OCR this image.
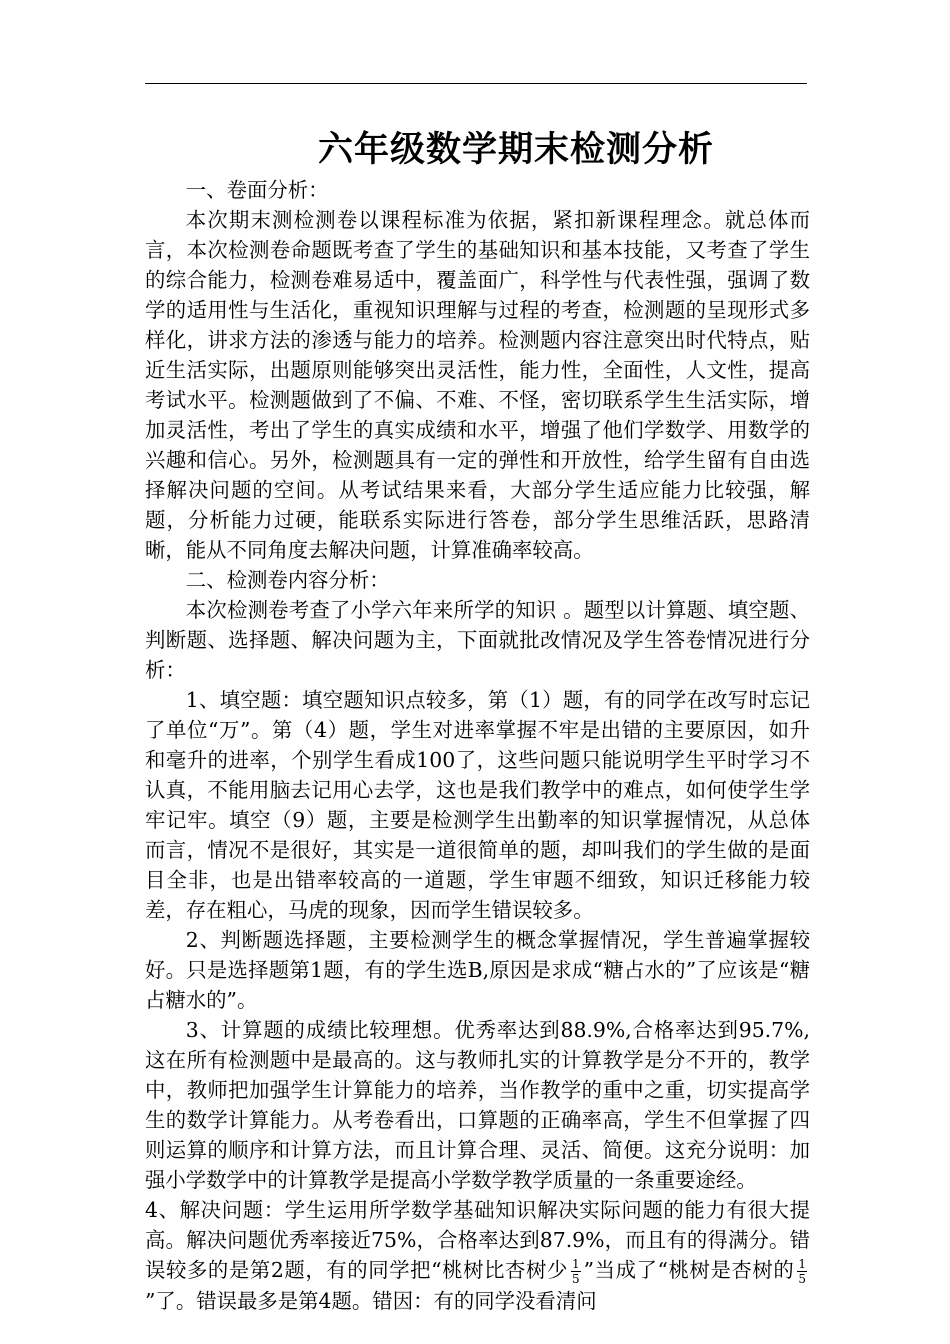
六年级数学期末检测分析

一、卷面分析：

本次期末测检测卷以课程标准为依据，紧扣新课程理念。就总体而言，本次检测卷命题既考查了学生的基础知识和基本技能，又考查了学生的综合能力，检测卷难易适中，覆盖面广，科学性与代表性强，强调了数学的适用性与生活化，重视知识理解与过程的考查，检测题的呈现形式多样化，讲求方法的渗透与能力的培养。检测题内容注意突出时代特点，贴近生活实际，出题原则能够突出灵活性，能力性，全面性，人文性，提高考试水平。检测题做到了不偏、不难、不怪，密切联系学生生活实际，增加灵活性，考出了学生的真实成绩和水平，增强了他们学数学、用数学的兴趣和信心。另外，检测题具有一定的弹性和开放性，给学生留有自由选择解决问题的空间。从考试结果来看，大部分学生适应能力比较强，解题，分析能力过硬，能联系实际进行答卷，部分学生思维活跃，思路清晰，能从不同角度去解决问题，计算准确率较高。

二、检测卷内容分析：

本次检测卷考查了小学六年来所学的知识 。题型以计算题、填空题、判断题、选择题、解决问题为主，下面就批改情况及学生答卷情况进行分析：

1、填空题：填空题知识点较多，第（1）题，有的同学在改写时忘记了单位“万”。第（4）题，学生对进率掌握不牢是出错的主要原因，如升和毫升的进率，个别学生看成100了，这些问题只能说明学生平时学习不认真，不能用脑去记用心去学，这也是我们教学中的难点，如何使学生学牢记牢。填空（9）题，主要是检测学生出勤率的知识掌握情况，从总体而言，情况不是很好，其实是一道很简单的题，却叫我们的学生做的是面目全非，也是出错率较高的一道题，学生审题不细致，知识迁移能力较差，存在粗心，马虎的现象，因而学生错误较多。

2、判断题选择题，主要检测学生的概念掌握情况，学生普遍掌握较好。只是选择题第1题，有的学生选B,原因是求成“糖占水的”了应该是“糖占糖水的”。

3、计算题的成绩比较理想。优秀率达到88.9%,合格率达到95.7%,这在所有检测题中是最高的。这与教师扎实的计算教学是分不开的，教学中，教师把加强学生计算能力的培养，当作教学的重中之重，切实提高学生的数学计算能力。从考卷看出，口算题的正确率高，学生不但掌握了四则运算的顺序和计算方法，而且计算合理、灵活、简便。这充分说明：加强小学数学中的计算教学是提高小学数学教学质量的一条重要途经。

4、解决问题：学生运用所学数学基础知识解决实际问题的能力有很大提高。解决问题优秀率接近75%，合格率达到87.9%，而且有的得满分。错误较多的是第2题，有的同学把“桃树比杏树少 $\frac{1}{5}$ ”当成了“桃树是杏树的 $\frac{1}{5}$
”了。错误最多是第4题。错因：有的同学没看清问
